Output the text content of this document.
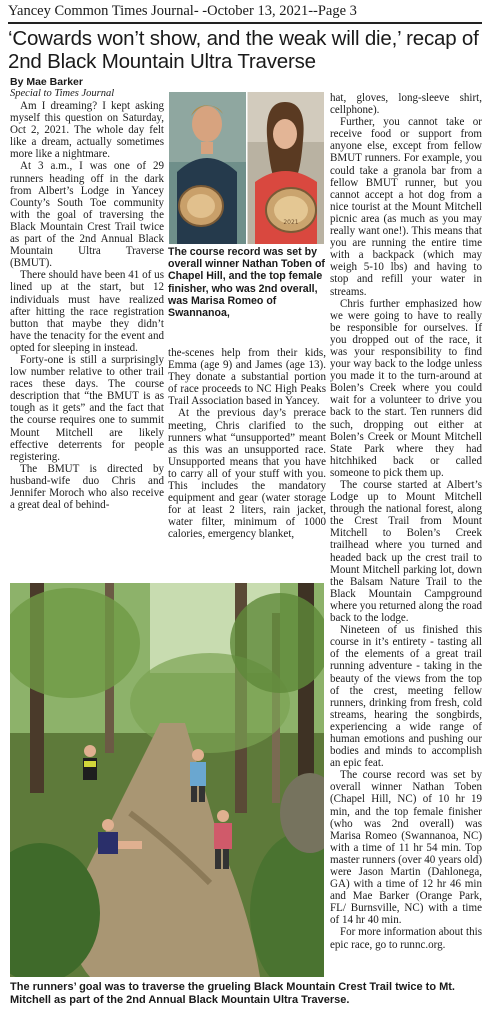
Yancey Common Times Journal- -October 13, 2021--Page 3
‘Cowards won’t show, and the weak will die,’ recap of 2nd Black Mountain Ultra Traverse
By Mae Barker
Special to Times Journal

Am I dreaming? I kept asking myself this question on Saturday, Oct 2, 2021. The whole day felt like a dream, actually sometimes more like a nightmare.

At 3 a.m., I was one of 29 runners heading off in the dark from Albert’s Lodge in Yancey County’s South Toe community with the goal of traversing the Black Mountain Crest Trail twice as part of the 2nd Annual Black Mountain Ultra Traverse (BMUT).

There should have been 41 of us lined up at the start, but 12 individuals must have realized after hitting the race registration button that maybe they didn’t have the tenacity for the event and opted for sleeping in instead.

Forty-one is still a surprisingly low number relative to other trail races these days. The course description that “the BMUT is as tough as it gets” and the fact that the course requires one to summit Mount Mitchell are likely effective deterrents for people registering.

The BMUT is directed by husband-wife duo Chris and Jennifer Moroch who also receive a great deal of behind-

2021
The course record was set by overall winner Nathan Toben of Chapel Hill, and the top female finisher, who was 2nd overall, was Marisa Romeo of Swannanoa,

the-scenes help from their kids, Emma (age 9) and James (age 13). They donate a substantial portion of race proceeds to NC High Peaks Trail Association based in Yancey.

At the previous day’s prerace meeting, Chris clarified to the runners what “unsupported” meant as this was an unsupported race. Unsupported means that you have to carry all of your stuff with you. This includes the mandatory equipment and gear (water storage for at least 2 liters, rain jacket, water filter, minimum of 1000 calories, emergency blanket,

hat, gloves, long-sleeve shirt, cellphone).

Further, you cannot take or receive food or support from anyone else, except from fellow BMUT runners. For example, you could take a granola bar from a fellow BMUT runner, but you cannot accept a hot dog from a nice tourist at the Mount Mitchell picnic area (as much as you may really want one!). This means that you are running the entire time with a backpack (which may weigh 5-10 lbs) and having to stop and refill your water in streams.

Chris further emphasized how we were going to have to really be responsible for ourselves. If you dropped out of the race, it was your responsibility to find your way back to the lodge unless you made it to the turn-around at Bolen’s Creek where you could wait for a volunteer to drive you back to the start. Ten runners did such, dropping out either at Bolen’s Creek or Mount Mitchell State Park where they had hitchhiked back or called someone to pick them up.

The course started at Albert’s Lodge up to Mount Mitchell through the national forest, along the Crest Trail from Mount Mitchell to Bolen’s Creek trailhead where you turned and headed back up the crest trail to Mount Mitchell parking lot, down the Balsam Nature Trail to the Black Mountain Campground where you returned along the road back to the lodge.

Nineteen of us finished this course in it’s entirety - tasting all of the elements of a great trail running adventure - taking in the beauty of the views from the top of the crest, meeting fellow runners, drinking from fresh, cold streams, hearing the songbirds, experiencing a wide range of human emotions and pushing our bodies and minds to accomplish an epic feat.

The course record was set by overall winner Nathan Toben (Chapel Hill, NC) of 10 hr 19 min, and the top female finisher (who was 2nd overall) was Marisa Romeo (Swannanoa, NC) with a time of 11 hr 54 min. Top master runners (over 40 years old) were Jason Martin (Dahlonega, GA) with a time of 12 hr 46 min and Mae Barker (Orange Park, FL/ Burnsville, NC) with a time of 14 hr 40 min.

For more information about this epic race, go to runnc.org.

The runners’ goal was to traverse the grueling Black Mountain Crest Trail twice to Mt. Mitchell as part of the 2nd Annual Black Mountain Ultra Traverse.
